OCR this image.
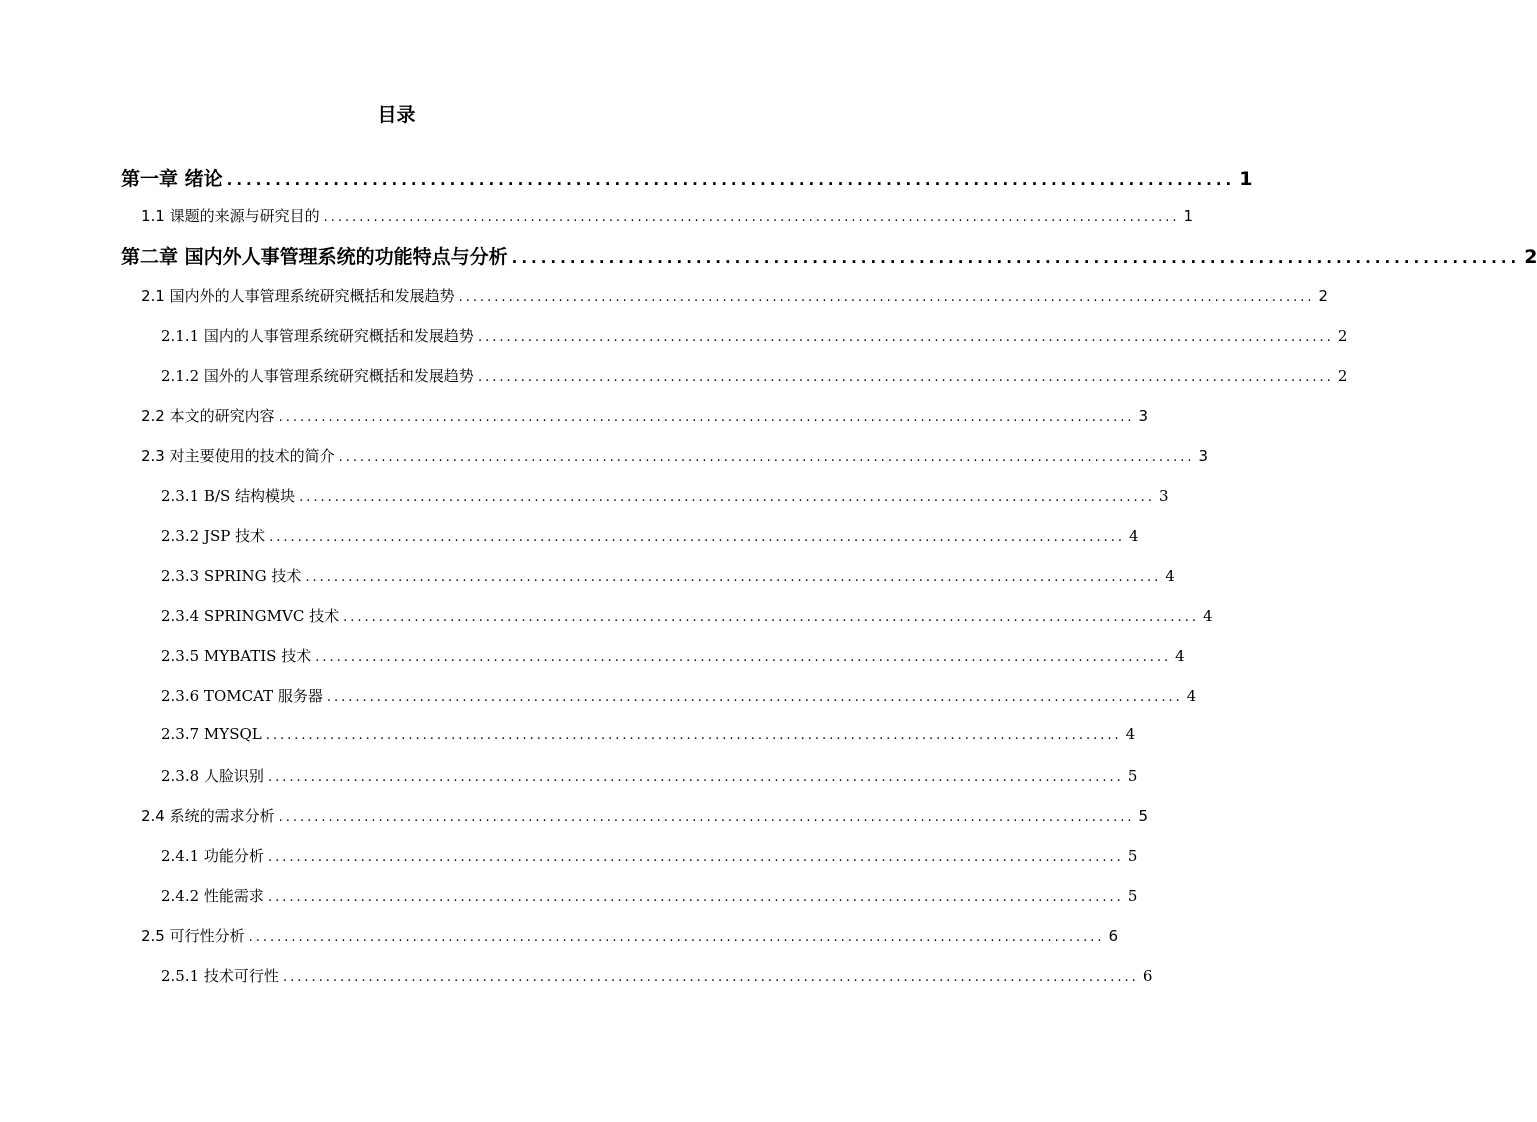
目录
第一章 绪论 ........................................................................................................ 1
1.1 课题的来源与研究目的 ........................................................................................................................ 1
第二章 国内外人事管理系统的功能特点与分析 ........................................................................................................ 2
2.1 国内外的人事管理系统研究概括和发展趋势 ........................................................................................................................ 2
2.1.1 国内的人事管理系统研究概括和发展趋势 ........................................................................................................................ 2
2.1.2 国外的人事管理系统研究概括和发展趋势 ........................................................................................................................ 2
2.2 本文的研究内容 ........................................................................................................................ 3
2.3 对主要使用的技术的简介 ........................................................................................................................ 3
2.3.1 B/S 结构模块 ........................................................................................................................ 3
2.3.2 JSP 技术 ........................................................................................................................ 4
2.3.3 SPRING 技术 ........................................................................................................................ 4
2.3.4 SPRINGMVC 技术 ........................................................................................................................ 4
2.3.5 MYBATIS 技术 ........................................................................................................................ 4
2.3.6 TOMCAT 服务器 ........................................................................................................................ 4
2.3.7 MYSQL ........................................................................................................................ 4
2.3.8 人脸识别 ........................................................................................................................ 5
2.4 系统的需求分析 ........................................................................................................................ 5
2.4.1 功能分析 ........................................................................................................................ 5
2.4.2 性能需求 ........................................................................................................................ 5
2.5 可行性分析 ........................................................................................................................ 6
2.5.1 技术可行性 ........................................................................................................................ 6
